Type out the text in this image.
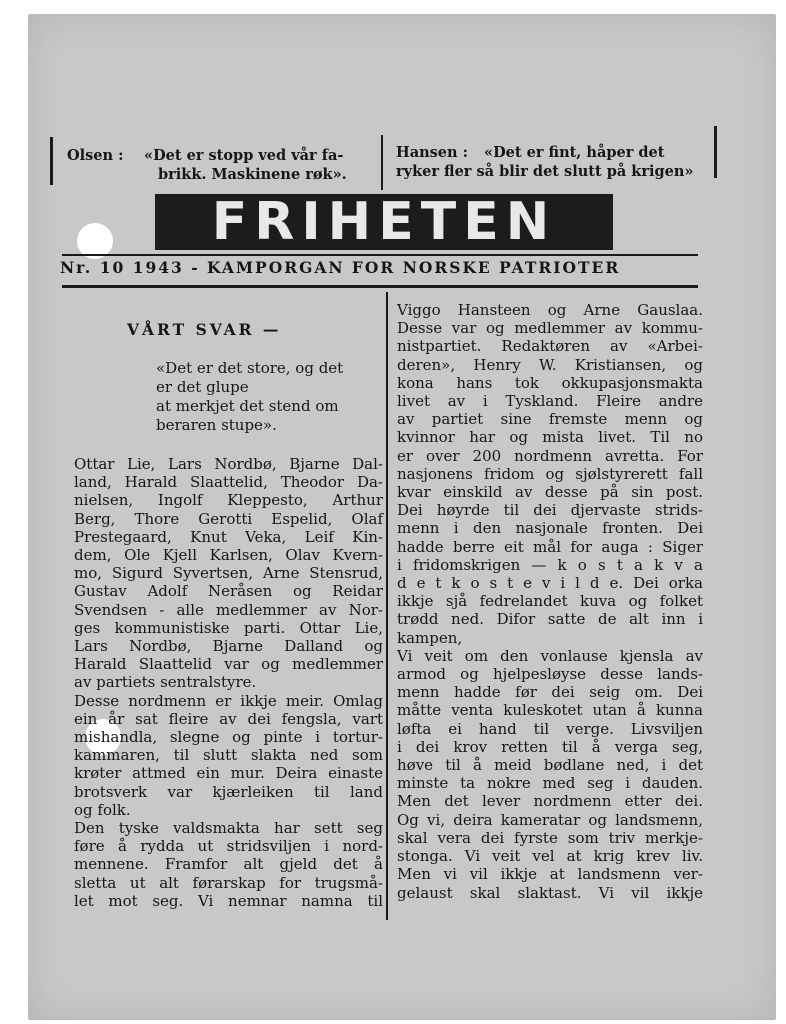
Olsen : «Det er stopp ved vår fa-
brikk. Maskinene røk».
Hansen :	«Det er fint, håper det
ryker fler så blir det slutt på krigen»
FRIHETEN
Nr. 10 1943 - KAMPORGAN FOR NORSKE PATRIOTER
VÅRT SVAR —
«Det er det store, og det
er det glupe
at merkjet det stend om
beraren stupe».

Ottar Lie, Lars Nordbø, Bjarne Dal-

land, Harald Slaattelid, Theodor Da-

nielsen, Ingolf Kleppesto, Arthur

Berg, Thore Gerotti Espelid, Olaf

Prestegaard, Knut Veka, Leif Kin-

dem, Ole Kjell Karlsen, Olav Kvern-

mo, Sigurd Syvertsen, Arne Stensrud,

Gustav Adolf Neråsen og Reidar

Svendsen - alle medlemmer av Nor-

ges kommunistiske parti. Ottar Lie,

Lars Nordbø, Bjarne Dalland og

Harald Slaattelid var og medlemmer

av partiets sentralstyre.

Desse nordmenn er ikkje meir. Omlag

ein år sat fleire av dei fengsla, vart

mishandla, slegne og pinte i tortur-

kammaren, til slutt slakta ned som

krøter attmed ein mur. Deira einaste

brotsverk var kjærleiken til land

og folk.

Den tyske valdsmakta har sett seg

føre å rydda ut stridsviljen i nord-

mennene. Framfor alt gjeld det å

sletta ut alt førarskap for trugsmå-

let mot seg. Vi nemnar namna til

Viggo Hansteen og Arne Gauslaa.

Desse var og medlemmer av kommu-

nistpartiet. Redaktøren av «Arbei-

deren», Henry W. Kristiansen, og

kona hans tok okkupasjonsmakta

livet av i Tyskland. Fleire andre

av partiet sine fremste menn og

kvinnor har og mista livet. Til no

er over 200 nordmenn avretta. For

nasjonens fridom og sjølstyrerett fall

kvar einskild av desse på sin post.

Dei høyrde til dei djervaste strids-

menn i den nasjonale fronten. Dei

hadde berre eit mål for auga : Siger

i fridomskrigen — k o s t a k v a

d e t k o s t e v i l d e. Dei orka

ikkje sjå fedrelandet kuva og folket

trødd ned. Difor satte de alt inn i

kampen,

Vi veit om den vonlause kjensla av

armod og hjelpesløyse desse lands-

menn hadde før dei seig om. Dei

måtte venta kuleskotet utan å kunna

løfta ei hand til verge. Livsviljen

i dei krov retten til å verga seg,

høve til å meid bødlane ned, i det

minste ta nokre med seg i dauden.

Men det lever nordmenn etter dei.

Og vi, deira kameratar og landsmenn,

skal vera dei fyrste som triv merkje-

stonga. Vi veit vel at krig krev liv.

Men vi vil ikkje at landsmenn ver-

gelaust skal slaktast. Vi vil ikkje
